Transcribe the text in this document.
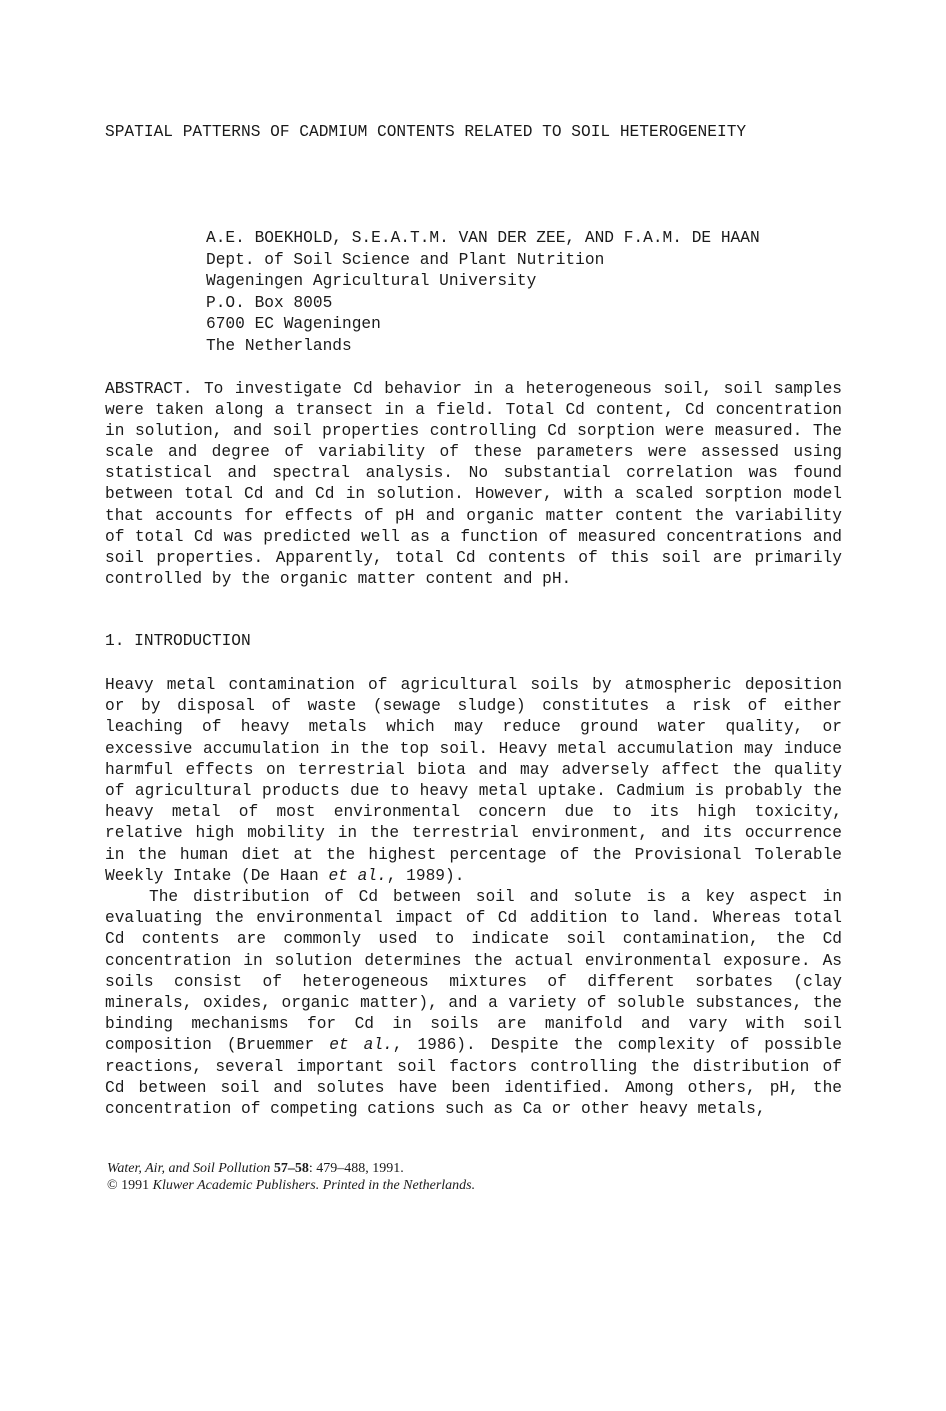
SPATIAL PATTERNS OF CADMIUM CONTENTS RELATED TO SOIL HETEROGENEITY
A.E. BOEKHOLD, S.E.A.T.M. VAN DER ZEE, AND F.A.M. DE HAAN
Dept. of Soil Science and Plant Nutrition
Wageningen Agricultural University
P.O. Box 8005
6700 EC Wageningen
The Netherlands
ABSTRACT. To investigate Cd behavior in a heterogeneous soil, soil samples were taken along a transect in a field. Total Cd content, Cd concentration in solution, and soil properties controlling Cd sorption were measured. The scale and degree of variability of these parameters were assessed using statistical and spectral analysis. No substantial correlation was found between total Cd and Cd in solution. However, with a scaled sorption model that accounts for effects of pH and organic matter content the variability of total Cd was predicted well as a function of measured concentrations and soil properties. Apparently, total Cd contents of this soil are primarily controlled by the organic matter content and pH.
1. INTRODUCTION

Heavy metal contamination of agricultural soils by atmospheric deposition or by disposal of waste (sewage sludge) constitutes a risk of either leaching of heavy metals which may reduce ground water quality, or excessive accumulation in the top soil. Heavy metal accumulation may induce harmful effects on terrestrial biota and may adversely affect the quality of agricultural products due to heavy metal uptake. Cadmium is probably the heavy metal of most environmental concern due to its high toxicity, relative high mobility in the terrestrial environment, and its occurrence in the human diet at the highest percentage of the Provisional Tolerable Weekly Intake (De Haan et al., 1989).

The distribution of Cd between soil and solute is a key aspect in evaluating the environmental impact of Cd addition to land. Whereas total Cd contents are commonly used to indicate soil contamination, the Cd concentration in solution determines the actual environmental exposure. As soils consist of heterogeneous mixtures of different sorbates (clay minerals, oxides, organic matter), and a variety of soluble substances, the binding mechanisms for Cd in soils are manifold and vary with soil composition (Bruemmer et al., 1986). Despite the complexity of possible reactions, several important soil factors controlling the distribution of Cd between soil and solutes have been identified. Among others, pH, the concentration of competing cations such as Ca or other heavy metals,

Water, Air, and Soil Pollution 57–58: 479–488, 1991.
© 1991 Kluwer Academic Publishers. Printed in the Netherlands.
